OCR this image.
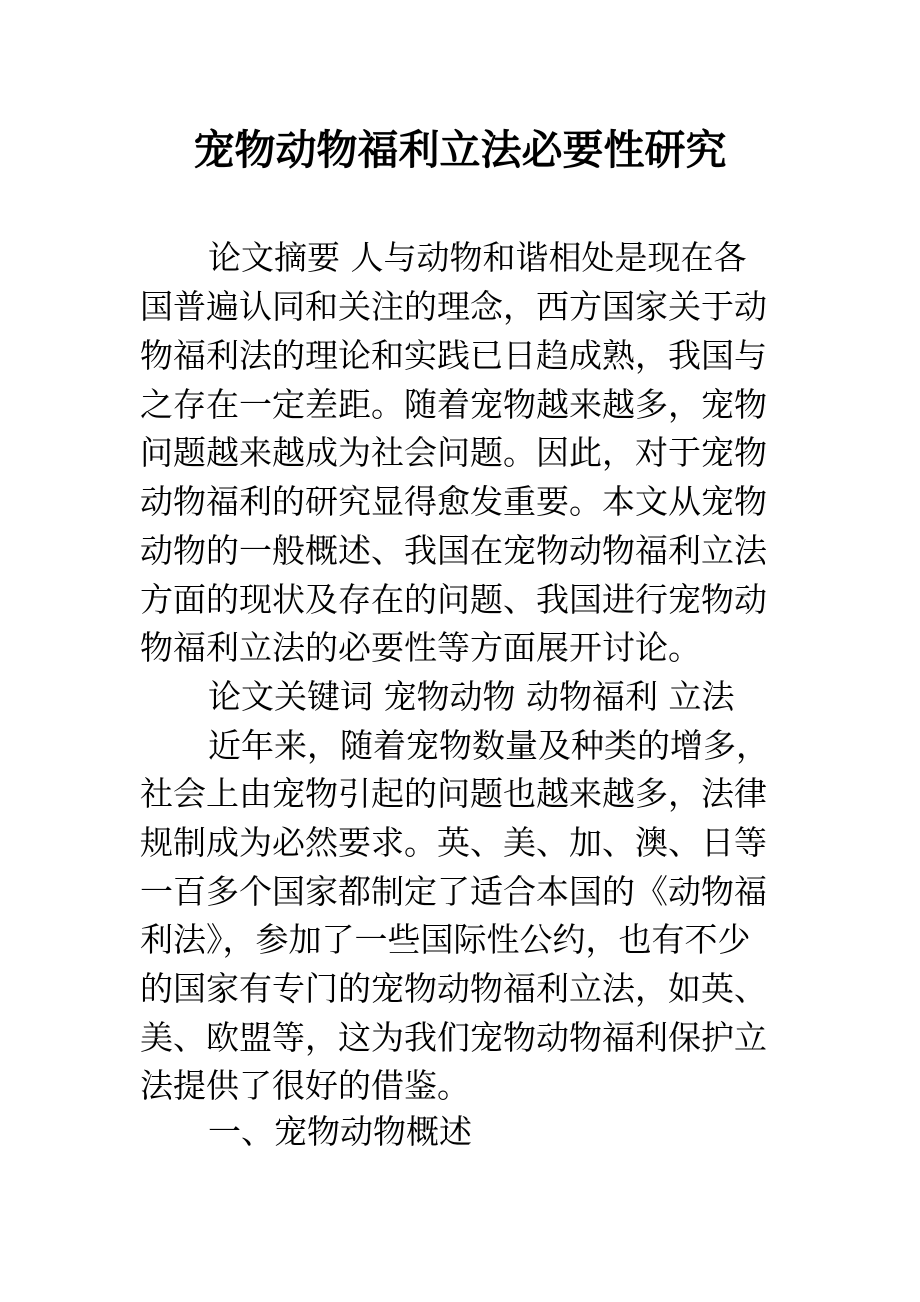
宠物动物福利立法必要性研究
论文摘要 人与动物和谐相处是现在各
国普遍认同和关注的理念，西方国家关于动
物福利法的理论和实践已日趋成熟，我国与
之存在一定差距。随着宠物越来越多，宠物
问题越来越成为社会问题。因此，对于宠物
动物福利的研究显得愈发重要。本文从宠物
动物的一般概述、我国在宠物动物福利立法
方面的现状及存在的问题、我国进行宠物动
物福利立法的必要性等方面展开讨论。
论文关键词 宠物动物 动物福利 立法
近年来，随着宠物数量及种类的增多，
社会上由宠物引起的问题也越来越多，法律
规制成为必然要求。英、美、加、澳、日等
一百多个国家都制定了适合本国的《动物福
利法》，参加了一些国际性公约，也有不少
的国家有专门的宠物动物福利立法，如英、
美、欧盟等，这为我们宠物动物福利保护立
法提供了很好的借鉴。
一、宠物动物概述
